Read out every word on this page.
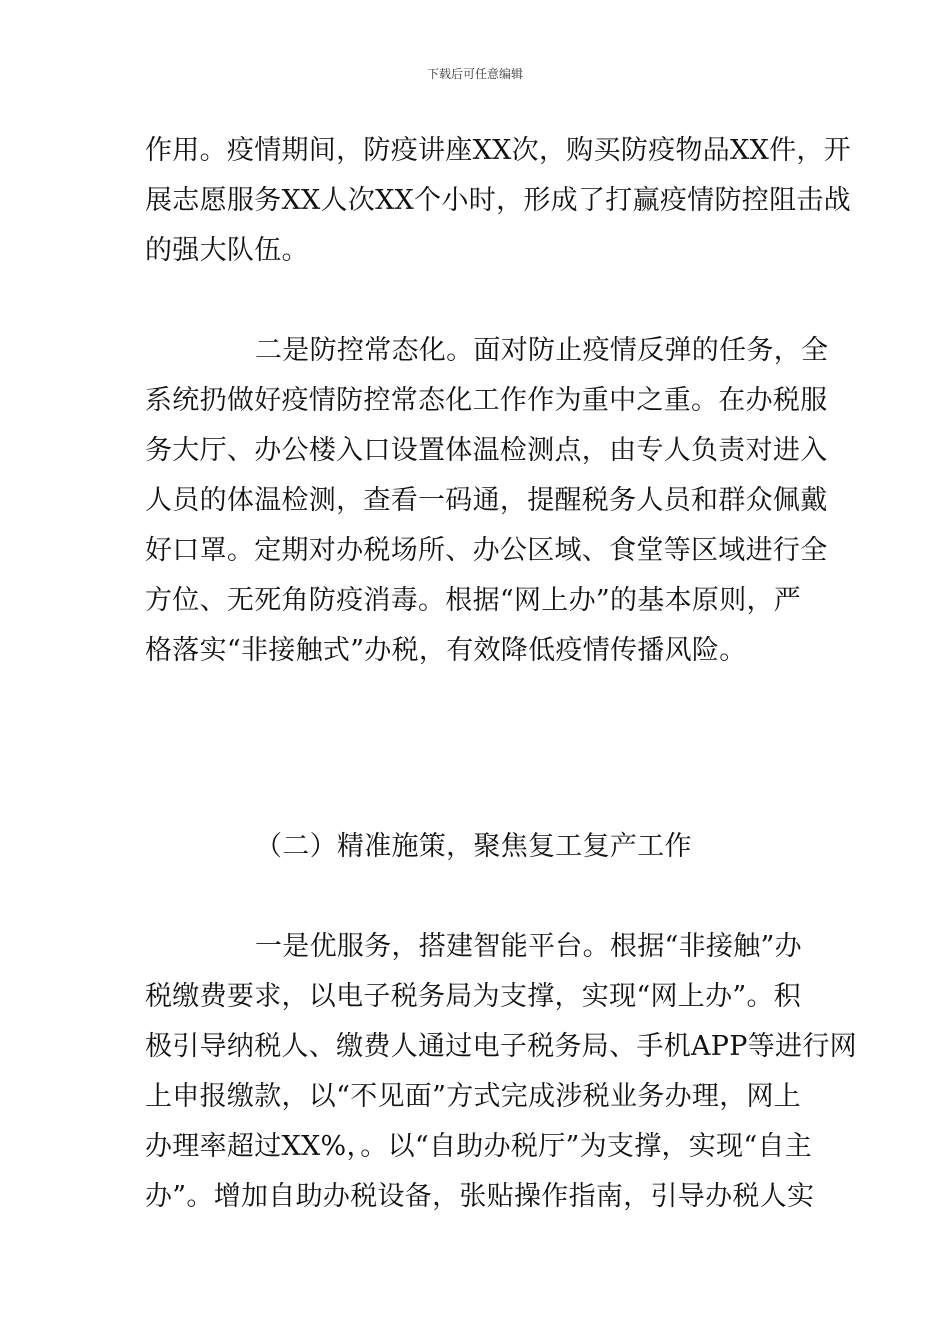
下载后可任意编辑
作用。疫情期间，防疫讲座XX次，购买防疫物品XX件，开
展志愿服务XX人次XX个小时，形成了打赢疫情防控阻击战
的强大队伍。
二是防控常态化。面对防止疫情反弹的任务，全
系统扔做好疫情防控常态化工作作为重中之重。在办税服
务大厅、办公楼入口设置体温检测点，由专人负责对进入
人员的体温检测，查看一码通，提醒税务人员和群众佩戴
好口罩。定期对办税场所、办公区域、食堂等区域进行全
方位、无死角防疫消毒。根据“网上办”的基本原则，严
格落实“非接触式”办税，有效降低疫情传播风险。
（二）精准施策，聚焦复工复产工作
一是优服务，搭建智能平台。根据“非接触”办
税缴费要求，以电子税务局为支撑，实现“网上办”。积
极引导纳税人、缴费人通过电子税务局、手机APP等进行网
上申报缴款，以“不见面”方式完成涉税业务办理，网上
办理率超过XX%，。以“自助办税厅”为支撑，实现“自主
办”。增加自助办税设备，张贴操作指南，引导办税人实
